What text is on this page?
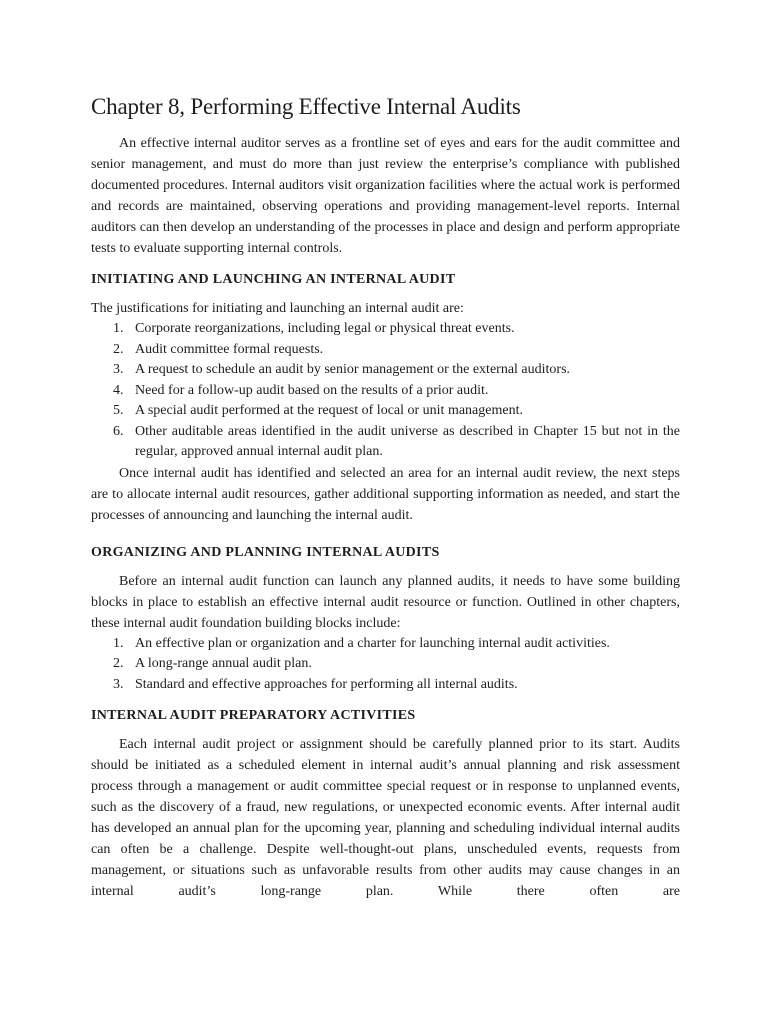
Chapter 8, Performing Effective Internal Audits

An effective internal auditor serves as a frontline set of eyes and ears for the audit committee and senior management, and must do more than just review the enterprise’s compliance with published documented procedures. Internal auditors visit organization facilities where the actual work is performed and records are maintained, observing operations and providing management-level reports. Internal auditors can then develop an understanding of the processes in place and design and perform appropriate tests to evaluate supporting internal controls.

INITIATING AND LAUNCHING AN INTERNAL AUDIT

The justifications for initiating and launching an internal audit are:

1. Corporate reorganizations, including legal or physical threat events.
2. Audit committee formal requests.
3. A request to schedule an audit by senior management or the external auditors.
4. Need for a follow-up audit based on the results of a prior audit.
5. A special audit performed at the request of local or unit management.
6. Other auditable areas identified in the audit universe as described in Chapter 15 but not in the regular, approved annual internal audit plan.

Once internal audit has identified and selected an area for an internal audit review, the next steps are to allocate internal audit resources, gather additional supporting information as needed, and start the processes of announcing and launching the internal audit.

ORGANIZING AND PLANNING INTERNAL AUDITS

Before an internal audit function can launch any planned audits, it needs to have some building blocks in place to establish an effective internal audit resource or function. Outlined in other chapters, these internal audit foundation building blocks include:

1. An effective plan or organization and a charter for launching internal audit activities.
2. A long-range annual audit plan.
3. Standard and effective approaches for performing all internal audits.
INTERNAL AUDIT PREPARATORY ACTIVITIES

Each internal audit project or assignment should be carefully planned prior to its start. Audits should be initiated as a scheduled element in internal audit’s annual planning and risk assessment process through a management or audit committee special request or in response to unplanned events, such as the discovery of a fraud, new regulations, or unexpected economic events. After internal audit has developed an annual plan for the upcoming year, planning and scheduling individual internal audits can often be a challenge. Despite well-thought-out plans, unscheduled events, requests from management, or situations such as unfavorable results from other audits may cause changes in an internal audit’s long-range plan. While there often are
